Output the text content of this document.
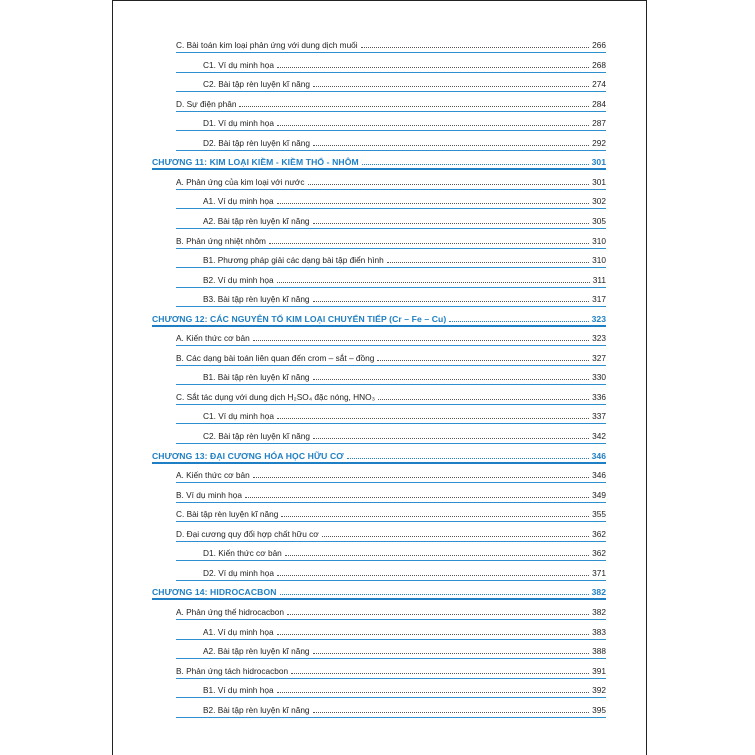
C. Bài toán kim loại phản ứng với dung dịch muối	266
C1. Ví dụ minh họa	268
C2. Bài tập rèn luyện kĩ năng	274
D. Sự điện phân	284
D1. Ví dụ minh họa	287
D2. Bài tập rèn luyện kĩ năng	292
CHƯƠNG 11: KIM LOẠI KIỀM - KIỀM THỔ - NHÔM	301
A. Phản ứng của kim loại với nước	301
A1. Ví dụ minh họa	302
A2. Bài tập rèn luyện kĩ năng	305
B. Phản ứng nhiệt nhôm	310
B1. Phương pháp giải các dạng bài tập điển hình	310
B2. Ví dụ minh họa	311
B3. Bài tập rèn luyện kĩ năng	317
CHƯƠNG 12: CÁC NGUYÊN TỐ KIM LOẠI CHUYỂN TIẾP (Cr – Fe – Cu)	323
A. Kiến thức cơ bản	323
B. Các dạng bài toán liên quan đến crom – sắt – đồng	327
B1. Bài tập rèn luyện kĩ năng	330
C. Sắt tác dụng với dung dịch H₂SO₄ đặc nóng, HNO₃	336
C1. Ví dụ minh họa	337
C2. Bài tập rèn luyện kĩ năng	342
CHƯƠNG 13: ĐẠI CƯƠNG HÓA HỌC HỮU CƠ	346
A. Kiến thức cơ bản	346
B. Ví dụ minh họa	349
C. Bài tập rèn luyện kĩ năng	355
D. Đại cương quy đổi hợp chất hữu cơ	362
D1. Kiến thức cơ bản	362
D2. Ví dụ minh họa	371
CHƯƠNG 14: HIDROCACBON	382
A. Phản ứng thế hidrocacbon	382
A1. Ví dụ minh họa	383
A2. Bài tập rèn luyện kĩ năng	388
B. Phản ứng tách hidrocacbon	391
B1. Ví dụ minh họa	392
B2. Bài tập rèn luyện kĩ năng	395
